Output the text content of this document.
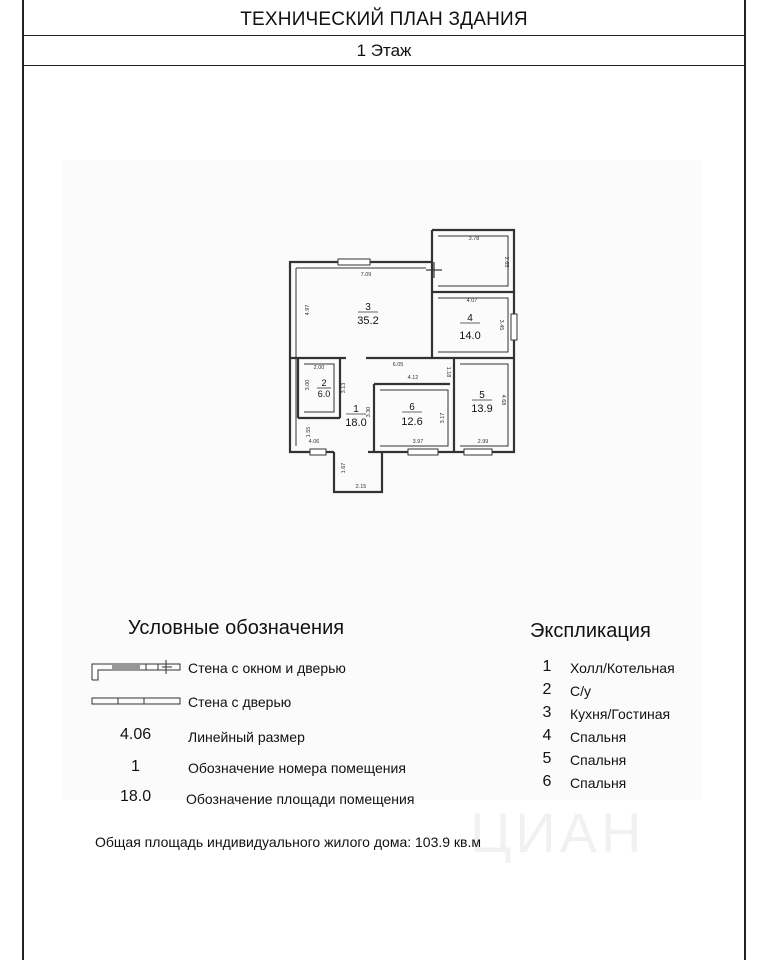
ТЕХНИЧЕСКИЙ ПЛАН ЗДАНИЯ
1 Этаж
3
35.2	4
14.0
2
6.0
1
18.0
6
12.6
5
13.9
3.78
2.65
7.09
4.97
4.07
3.45
6.05
2.00
3.00	3.13
4.12
1.18
3.30
3.17
4.68
1.55
4.06	3.97	2.99
1.67
2.15
Условные обозначения	Экспликация
Стена с окном и дверью
Стена с дверью
4.06	Линейный размер
1	Обозначение номера помещения
18.0 Обозначение площади помещения
1 Холл/Котельная
2 С/у
3 Кухня/Гостиная
4 Спальня
5 Спальня
6 Спальня
Общая площадь индивидуального жилого дома: 103.9 кв.м
ЦИАН
